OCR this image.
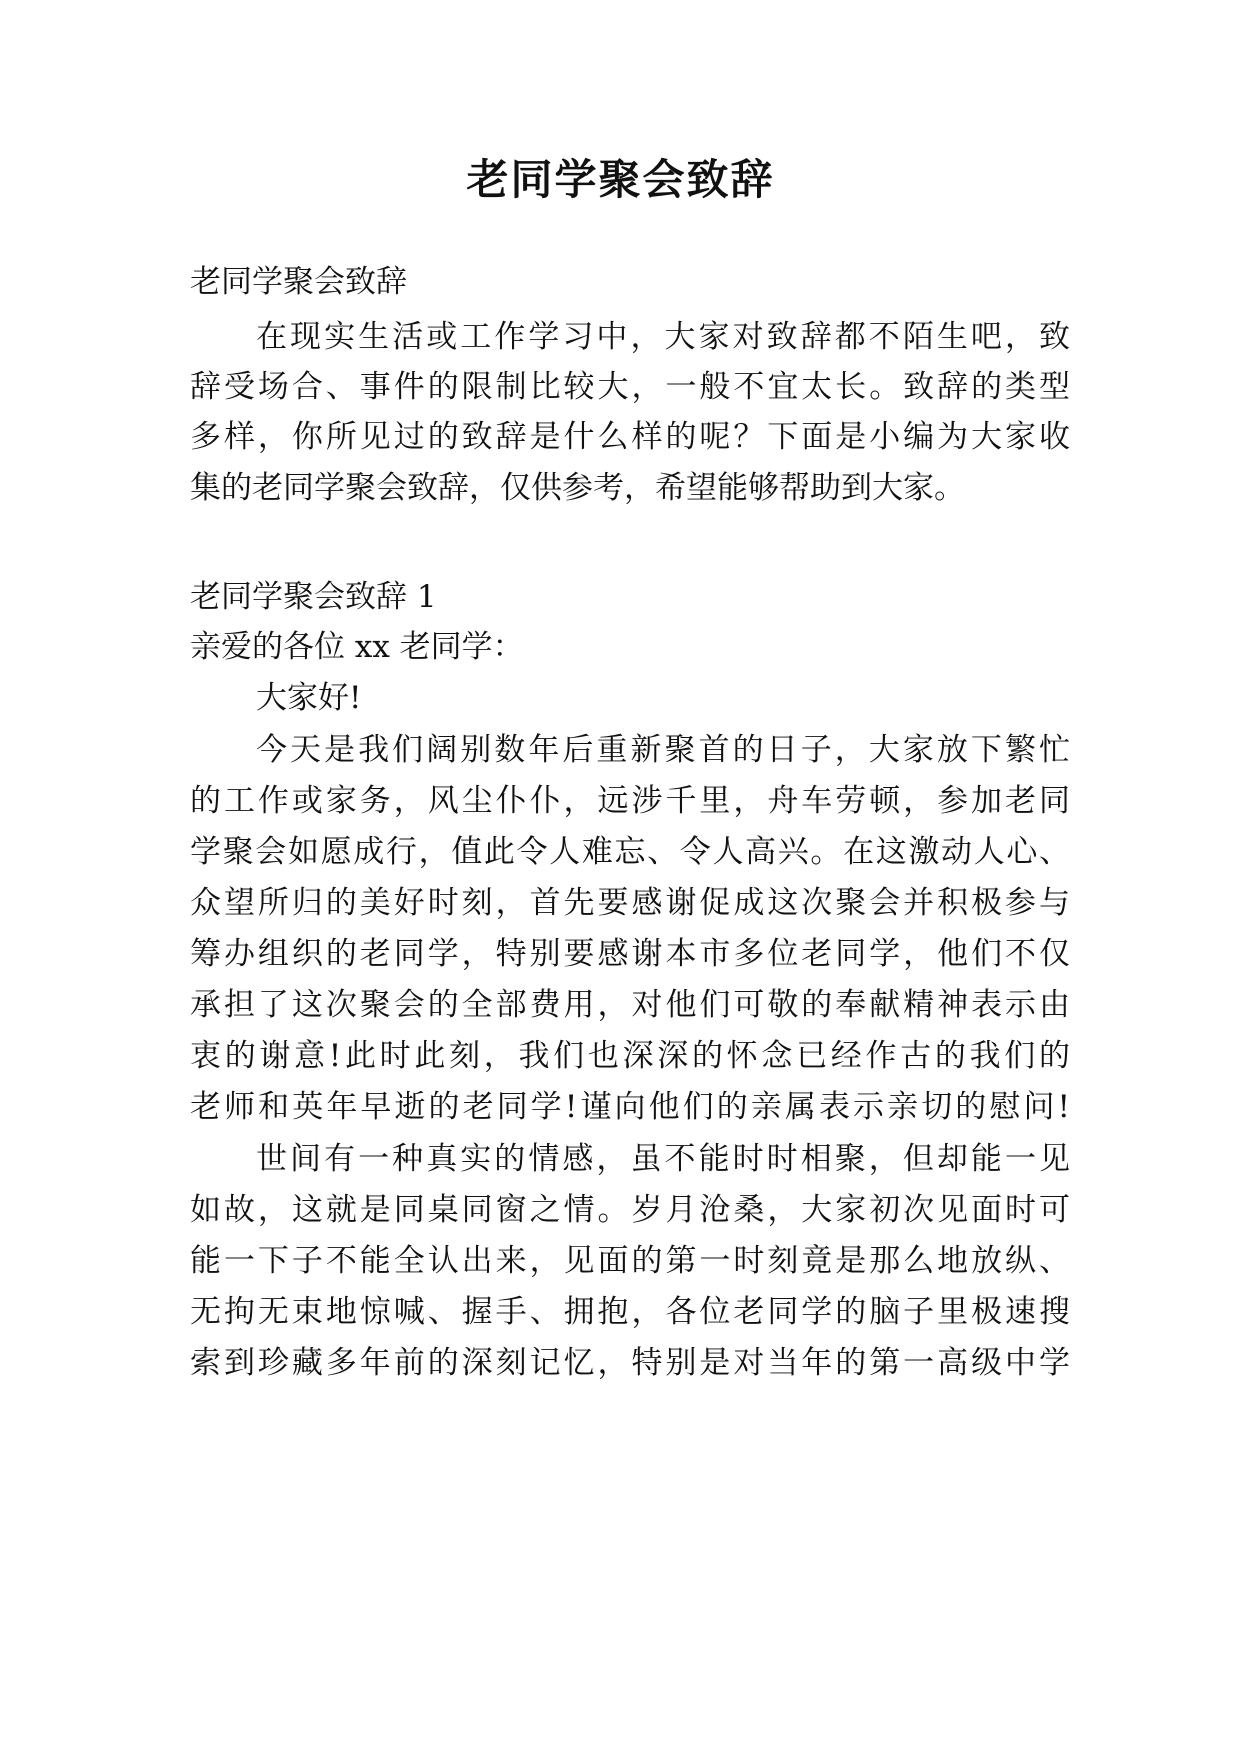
老同学聚会致辞

老同学聚会致辞

在现实生活或工作学习中，大家对致辞都不陌生吧，致

辞受场合、事件的限制比较大，一般不宜太长。致辞的类型

多样，你所见过的致辞是什么样的呢？下面是小编为大家收

集的老同学聚会致辞，仅供参考，希望能够帮助到大家。

老同学聚会致辞 1

亲爱的各位 xx 老同学：

大家好!

今天是我们阔别数年后重新聚首的日子，大家放下繁忙

的工作或家务，风尘仆仆，远涉千里，舟车劳顿，参加老同

学聚会如愿成行，值此令人难忘、令人高兴。在这激动人心、

众望所归的美好时刻，首先要感谢促成这次聚会并积极参与

筹办组织的老同学，特别要感谢本市多位老同学，他们不仅

承担了这次聚会的全部费用，对他们可敬的奉献精神表示由

衷的谢意!此时此刻，我们也深深的怀念已经作古的我们的

老师和英年早逝的老同学!谨向他们的亲属表示亲切的慰问!

世间有一种真实的情感，虽不能时时相聚，但却能一见

如故，这就是同桌同窗之情。岁月沧桑，大家初次见面时可

能一下子不能全认出来，见面的第一时刻竟是那么地放纵、

无拘无束地惊喊、握手、拥抱，各位老同学的脑子里极速搜

索到珍藏多年前的深刻记忆，特别是对当年的第一高级中学
